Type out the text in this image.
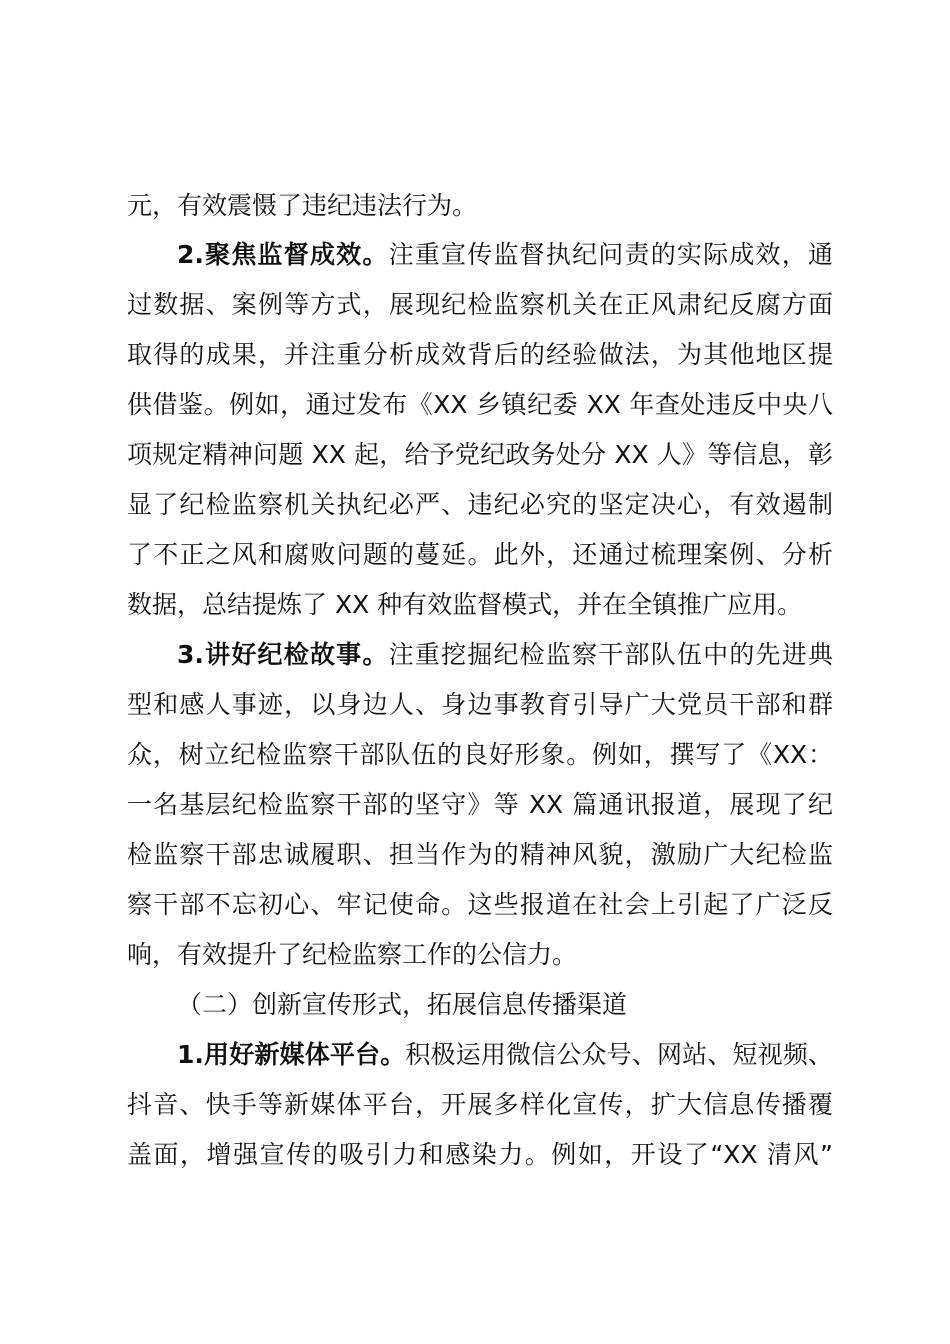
元，有效震慑了违纪违法行为。
2.聚焦监督成效。注重宣传监督执纪问责的实际成效，通
过数据、案例等方式，展现纪检监察机关在正风肃纪反腐方面
取得的成果，并注重分析成效背后的经验做法，为其他地区提
供借鉴。例如，通过发布《XX 乡镇纪委 XX 年查处违反中央八
项规定精神问题 XX 起，给予党纪政务处分 XX 人》等信息，彰
显了纪检监察机关执纪必严、违纪必究的坚定决心，有效遏制
了不正之风和腐败问题的蔓延。此外，还通过梳理案例、分析
数据，总结提炼了 XX 种有效监督模式，并在全镇推广应用。
3.讲好纪检故事。注重挖掘纪检监察干部队伍中的先进典
型和感人事迹，以身边人、身边事教育引导广大党员干部和群
众，树立纪检监察干部队伍的良好形象。例如，撰写了《XX：
一名基层纪检监察干部的坚守》等 XX 篇通讯报道，展现了纪
检监察干部忠诚履职、担当作为的精神风貌，激励广大纪检监
察干部不忘初心、牢记使命。这些报道在社会上引起了广泛反
响，有效提升了纪检监察工作的公信力。
（二）创新宣传形式，拓展信息传播渠道
1.用好新媒体平台。积极运用微信公众号、网站、短视频、
抖音、快手等新媒体平台，开展多样化宣传，扩大信息传播覆
盖面，增强宣传的吸引力和感染力。例如，开设了“XX 清风”
